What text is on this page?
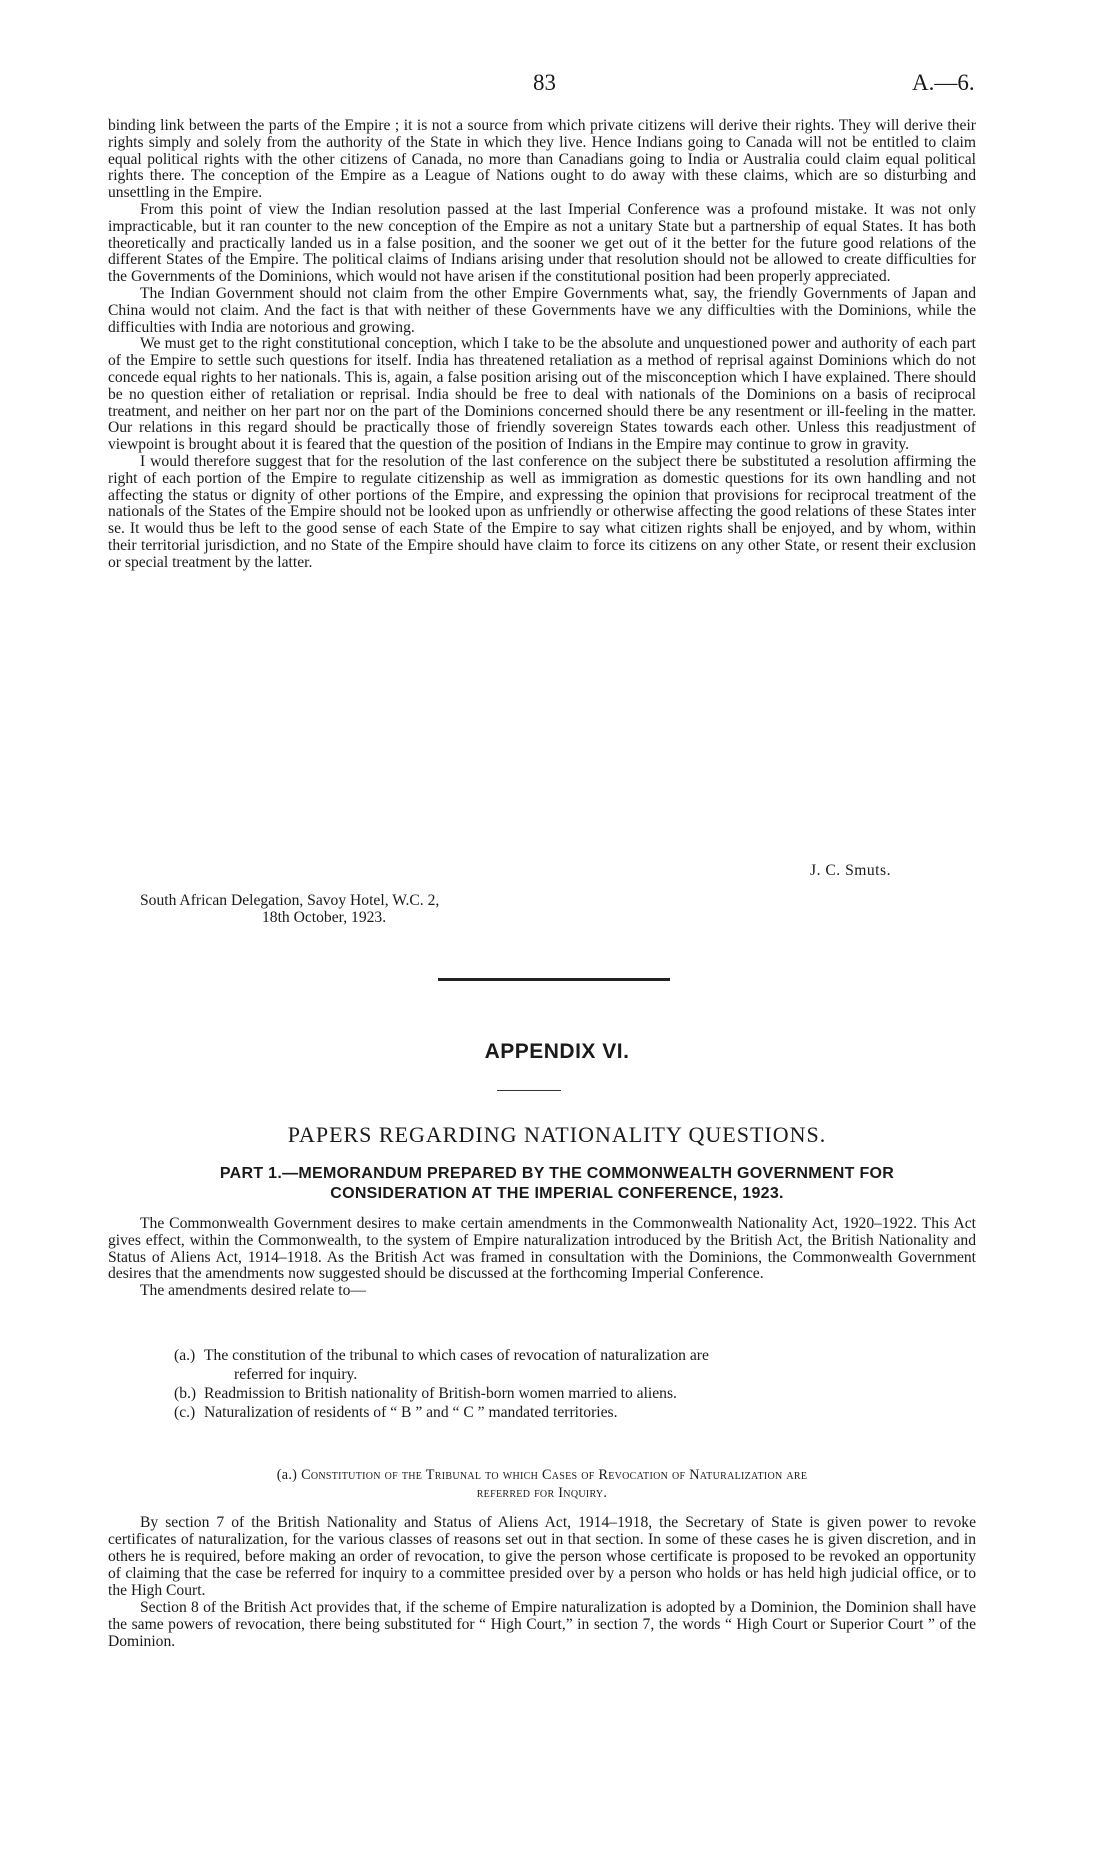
83	A.—6.

binding link between the parts of the Empire ; it is not a source from which private citizens will derive their rights. They will derive their rights simply and solely from the authority of the State in which they live. Hence Indians going to Canada will not be entitled to claim equal political rights with the other citizens of Canada, no more than Canadians going to India or Australia could claim equal political rights there. The conception of the Empire as a League of Nations ought to do away with these claims, which are so disturbing and unsettling in the Empire.

From this point of view the Indian resolution passed at the last Imperial Conference was a profound mistake. It was not only impracticable, but it ran counter to the new conception of the Empire as not a unitary State but a partnership of equal States. It has both theoretically and practically landed us in a false position, and the sooner we get out of it the better for the future good relations of the different States of the Empire. The political claims of Indians arising under that resolution should not be allowed to create difficulties for the Governments of the Dominions, which would not have arisen if the constitutional position had been properly appreciated.

The Indian Government should not claim from the other Empire Governments what, say, the friendly Governments of Japan and China would not claim. And the fact is that with neither of these Governments have we any difficulties with the Dominions, while the difficulties with India are notorious and growing.

We must get to the right constitutional conception, which I take to be the absolute and unquestioned power and authority of each part of the Empire to settle such questions for itself. India has threatened retaliation as a method of reprisal against Dominions which do not concede equal rights to her nationals. This is, again, a false position arising out of the misconception which I have explained. There should be no question either of retaliation or reprisal. India should be free to deal with nationals of the Dominions on a basis of reciprocal treatment, and neither on her part nor on the part of the Dominions concerned should there be any resentment or ill-feeling in the matter. Our relations in this regard should be practically those of friendly sovereign States towards each other. Unless this readjustment of viewpoint is brought about it is feared that the question of the position of Indians in the Empire may continue to grow in gravity.

I would therefore suggest that for the resolution of the last conference on the subject there be substituted a resolution affirming the right of each portion of the Empire to regulate citizenship as well as immigration as domestic questions for its own handling and not affecting the status or dignity of other portions of the Empire, and expressing the opinion that provisions for reciprocal treatment of the nationals of the States of the Empire should not be looked upon as unfriendly or otherwise affecting the good relations of these States inter se. It would thus be left to the good sense of each State of the Empire to say what citizen rights shall be enjoyed, and by whom, within their territorial jurisdiction, and no State of the Empire should have claim to force its citizens on any other State, or resent their exclusion or special treatment by the latter.

J. C. Smuts.
South African Delegation, Savoy Hotel, W.C. 2,
18th October, 1923.
APPENDIX VI.
PAPERS REGARDING NATIONALITY QUESTIONS.
PART 1.—MEMORANDUM PREPARED BY THE COMMONWEALTH GOVERNMENT FOR
CONSIDERATION AT THE IMPERIAL CONFERENCE, 1923.

The Commonwealth Government desires to make certain amendments in the Commonwealth Nationality Act, 1920–1922. This Act gives effect, within the Commonwealth, to the system of Empire naturalization introduced by the British Act, the British Nationality and Status of Aliens Act, 1914–1918. As the British Act was framed in consultation with the Dominions, the Commonwealth Government desires that the amendments now suggested should be discussed at the forthcoming Imperial Conference.

The amendments desired relate to—

(a.) The constitution of the tribunal to which cases of revocation of naturalization are
referred for inquiry.
(b.) Readmission to British nationality of British-born women married to aliens.
(c.) Naturalization of residents of “ B ” and “ C ” mandated territories.
(a.) Constitution of the Tribunal to which Cases of Revocation of Naturalization are
referred for Inquiry.

By section 7 of the British Nationality and Status of Aliens Act, 1914–1918, the Secretary of State is given power to revoke certificates of naturalization, for the various classes of reasons set out in that section. In some of these cases he is given discretion, and in others he is required, before making an order of revocation, to give the person whose certificate is proposed to be revoked an opportunity of claiming that the case be referred for inquiry to a committee presided over by a person who holds or has held high judicial office, or to the High Court.

Section 8 of the British Act provides that, if the scheme of Empire naturalization is adopted by a Dominion, the Dominion shall have the same powers of revocation, there being substituted for “ High Court,” in section 7, the words “ High Court or Superior Court ” of the Dominion.
